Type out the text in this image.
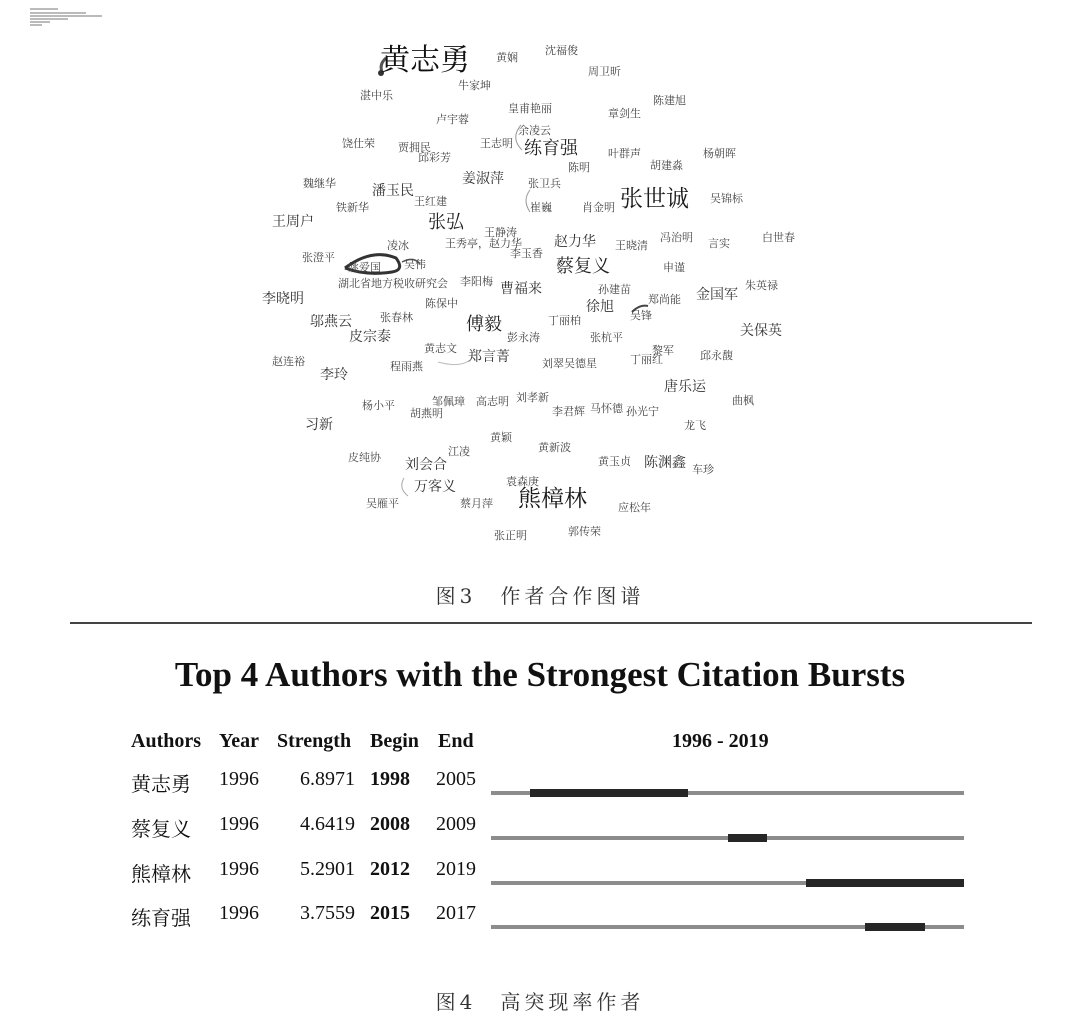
黄志勇 黄娴
沈福俊
周卫昕
牛家坤
湛中乐
皇甫艳丽
陈建旭
卢宇蓉	章剑生
余凌云
饶仕荣 贾拥民	王志明 练育强	叶群声	杨朝晖
邱彩芳
陈明	胡建淼
魏继华	姜淑萍 张卫兵
潘玉民
王红建	张世诚 吴锦标
铁新华	崔巍	肖金明
王周户	张弘 王静涛
赵力华	冯治明	白世春
凌冰	王秀亭，赵力华	王晓清	言实
张澄平	李玉香
姚爱国 吴伟	蔡复义	申谨
湖北省地方税收研究会 李阳梅 曹福来	孙建苗	朱英禄
李晓明	陈保中	郑尚能 金国军
邬燕云	张春林	傅毅
徐旭
吴锋
关保英
丁丽柏
皮宗泰	彭永涛	张杭平
黄志文	黎军
赵连裕	程雨燕
郑言菁	刘翠吴德星	丁丽红	邱永馥
李玲
唐乐运
刘孝新
邹佩璋 高志明	曲枫
杨小平	李君辉 马怀德 孙光宁
胡燕明
习新	龙飞
黄颖
江凌	黄新波
皮纯协	黄玉贞
刘会合	陈渊鑫 车珍
袁森庚
万客义
吴雁平	蔡月萍 熊樟林	应松年
张正明	郭传荣
图3　作者合作图谱
Top 4 Authors with the Strongest Citation Bursts
Authors Year Strength Begin End	1996 - 2019
黄志勇 1996 6.8971 1998 2005
蔡复义 1996 4.6419 2008 2009
熊樟林 1996 5.2901 2012 2019
练育强 1996 3.7559 2015 2017
图4　高突现率作者
